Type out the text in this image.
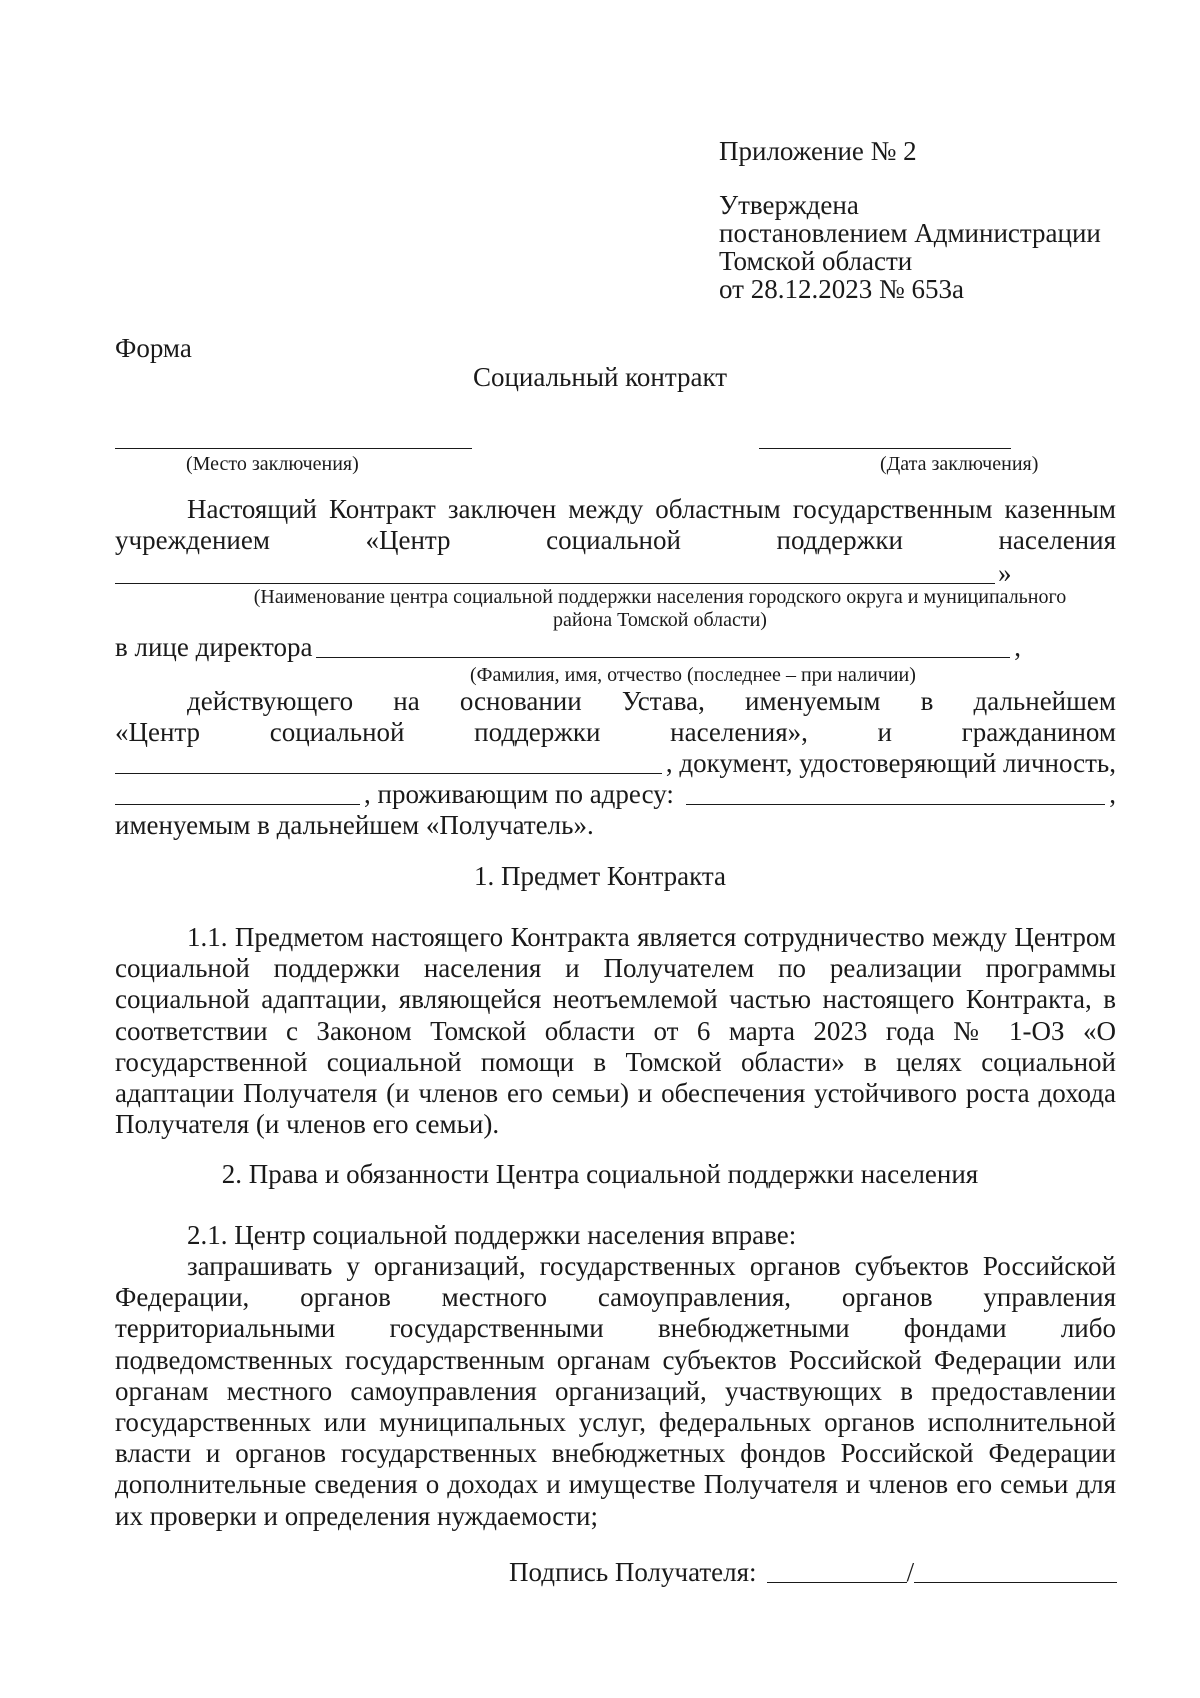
Приложение № 2
Утверждена
постановлением Администрации
Томской области
от 28.12.2023 № 653а
Форма
Социальный контракт
(Место заключения)	(Дата заключения)
Настоящий Контракт заключен между областным государственным казенным
учреждением «Центр социальной поддержки населения
»
(Наименование центра социальной поддержки населения городского округа и муниципального
района Томской области)
в лице директора	,
(Фамилия, имя, отчество (последнее – при наличии)
действующего на основании Устава, именуемым в дальнейшем
«Центр социальной поддержки населения», и гражданином
, документ, удостоверяющий личность,
, проживающим по адресу:	,
именуемым в дальнейшем «Получатель».
1. Предмет Контракта
1.1. Предметом настоящего Контракта является сотрудничество между Центром социальной поддержки населения и Получателем по реализации программы социальной адаптации, являющейся неотъемлемой частью настоящего Контракта, в соответствии с Законом Томской области от 6 марта 2023 года № 1-ОЗ «О государственной социальной помощи в Томской области» в целях социальной адаптации Получателя (и членов его семьи) и обеспечения устойчивого роста дохода Получателя (и членов его семьи).
2. Права и обязанности Центра социальной поддержки населения
2.1. Центр социальной поддержки населения вправе:
запрашивать у организаций, государственных органов субъектов Российской Федерации, органов местного самоуправления, органов управления территориальными государственными внебюджетными фондами либо подведомственных государственным органам субъектов Российской Федерации или органам местного самоуправления организаций, участвующих в предоставлении государственных или муниципальных услуг, федеральных органов исполнительной власти и органов государственных внебюджетных фондов Российской Федерации дополнительные сведения о доходах и имуществе Получателя и членов его семьи для их проверки и определения нуждаемости;
Подпись Получателя:	/
